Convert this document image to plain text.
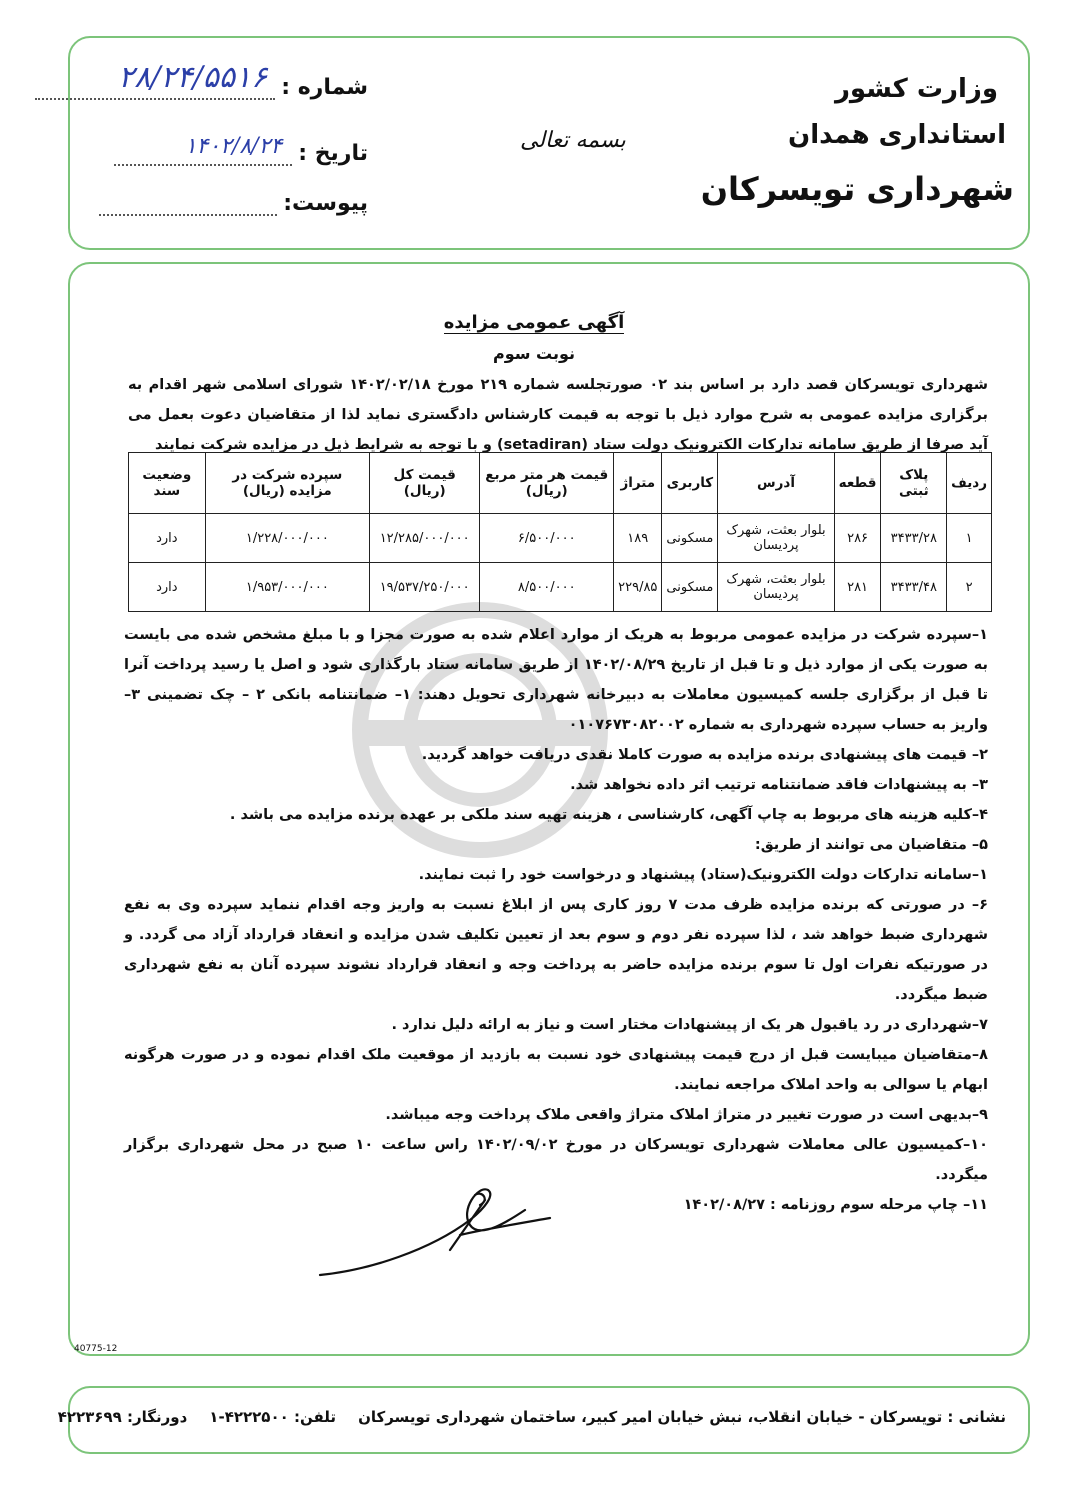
وزارت کشور
استانداری همدان
شهرداری تویسرکان
بسمه تعالی
شماره :
۲۸/۲۴/۵۵۱۶
تاریخ :
۱۴۰۲/۸/۲۴
پیوست:
آگهی عمومی مزایده
نوبت سوم
شهرداری تویسرکان قصد دارد بر اساس بند ۰۲ صورتجلسه شماره ۲۱۹ مورخ ۱۴۰۲/۰۲/۱۸ شورای اسلامی شهر اقدام به برگزاری مزایده عمومی به شرح موارد ذیل با توجه به قیمت کارشناس دادگستری نماید لذا از متقاضیان دعوت بعمل می آید صرفا از طریق سامانه تدارکات الکترونیک دولت ستاد (setadiran) و با توجه به شرایط ذیل در مزایده شرکت نمایند
ردیف	پلاک ثبتی	قطعه	آدرس	کاربری	متراژ	قیمت هر متر مربع (ریال)	قیمت کل (ریال)	سپرده شرکت در مزایده (ریال)	وضعیت سند
۱	۳۴۳۳/۲۸	۲۸۶	بلوار بعثت، شهرک پردیسان	مسکونی	۱۸۹	۶/۵۰۰/۰۰۰	۱۲/۲۸۵/۰۰۰/۰۰۰	۱/۲۲۸/۰۰۰/۰۰۰	دارد
۲	۳۴۳۳/۴۸	۲۸۱	بلوار بعثت، شهرک پردیسان	مسکونی	۲۲۹/۸۵	۸/۵۰۰/۰۰۰	۱۹/۵۳۷/۲۵۰/۰۰۰	۱/۹۵۳/۰۰۰/۰۰۰	دارد

۱–سپرده شرکت در مزایده عمومی مربوط به هریک از موارد اعلام شده به صورت مجزا و با مبلغ مشخص شده می بایست به صورت یکی از موارد ذیل و تا قبل از تاریخ ۱۴۰۲/۰۸/۲۹ از طریق سامانه ستاد بارگذاری شود و اصل یا رسید پرداخت آنرا تا قبل از برگزاری جلسه کمیسیون معاملات به دبیرخانه شهرداری تحویل دهند: ۱– ضمانتنامه بانکی ۲ – چک تضمینی ۳– واریز به حساب سپرده شهرداری به شماره ۰۱۰۷۶۷۳۰۸۲۰۰۲

۲– قیمت های پیشنهادی برنده مزایده به صورت کاملا نقدی دریافت خواهد گردید.

۳– به پیشنهادات فاقد ضمانتنامه ترتیب اثر داده نخواهد شد.

۴–کلیه هزینه های مربوط به چاپ آگهی، کارشناسی ، هزینه تهیه سند ملکی بر عهده برنده مزایده می باشد .

۵– متقاضیان می توانند از طریق:

۱–سامانه تدارکات دولت الکترونیک(ستاد) پیشنهاد و درخواست خود را ثبت نمایند.

۶– در صورتی که برنده مزایده ظرف مدت ۷ روز کاری پس از ابلاغ نسبت به واریز وجه اقدام ننماید سپرده وی به نفع شهرداری ضبط خواهد شد ، لذا سپرده نفر دوم و سوم بعد از تعیین تکلیف شدن مزایده و انعقاد قرارداد آزاد می گردد. و در صورتیکه نفرات اول تا سوم برنده مزایده حاضر به پرداخت وجه و انعقاد قرارداد نشوند سپرده آنان به نفع شهرداری ضبط میگردد.

۷–شهرداری در رد یاقبول هر یک از پیشنهادات مختار است و نیاز به ارائه دلیل ندارد .

۸–متقاضیان میبایست قبل از درج قیمت پیشنهادی خود نسبت به بازدید از موقعیت ملک اقدام نموده و در صورت هرگونه ابهام یا سوالی به واحد املاک مراجعه نمایند.

۹–بدیهی است در صورت تغییر در متراژ املاک متراژ واقعی ملاک پرداخت وجه میباشد.

۱۰–کمیسیون عالی معاملات شهرداری تویسرکان در مورخ ۱۴۰۲/۰۹/۰۲ راس ساعت ۱۰ صبح در محل شهرداری برگزار میگردد.

۱۱– چاپ مرحله سوم روزنامه : ۱۴۰۲/۰۸/۲۷

40775-12
نشانی : تویسرکان - خیابان انقلاب، نبش خیابان امیر کبیر، ساختمان شهرداری تویسرکان
تلفن: ۴۲۲۲۵۰۰-۱
دورنگار: ۴۲۲۳۶۹۹
